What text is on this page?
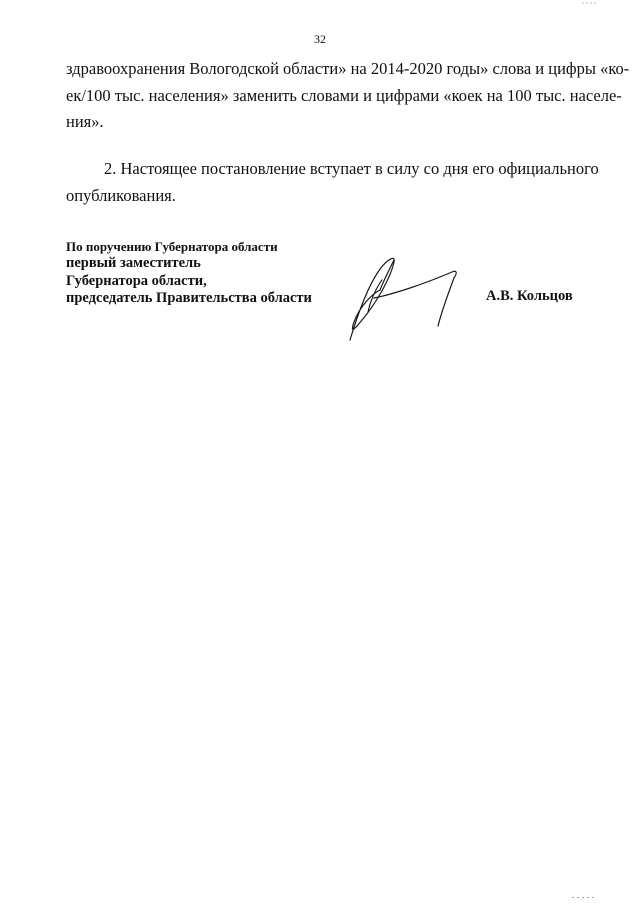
32
здравоохранения Вологодской области» на 2014-2020 годы» слова и цифры «ко-
ек/100 тыс. населения» заменить словами и цифрами «коек на 100 тыс. населе-
ния».
2. Настоящее постановление вступает в силу со дня его официального
опубликования.
По поручению Губернатора области
первый заместитель
Губернатора области,
председатель Правительства области	А.В. Кольцов
